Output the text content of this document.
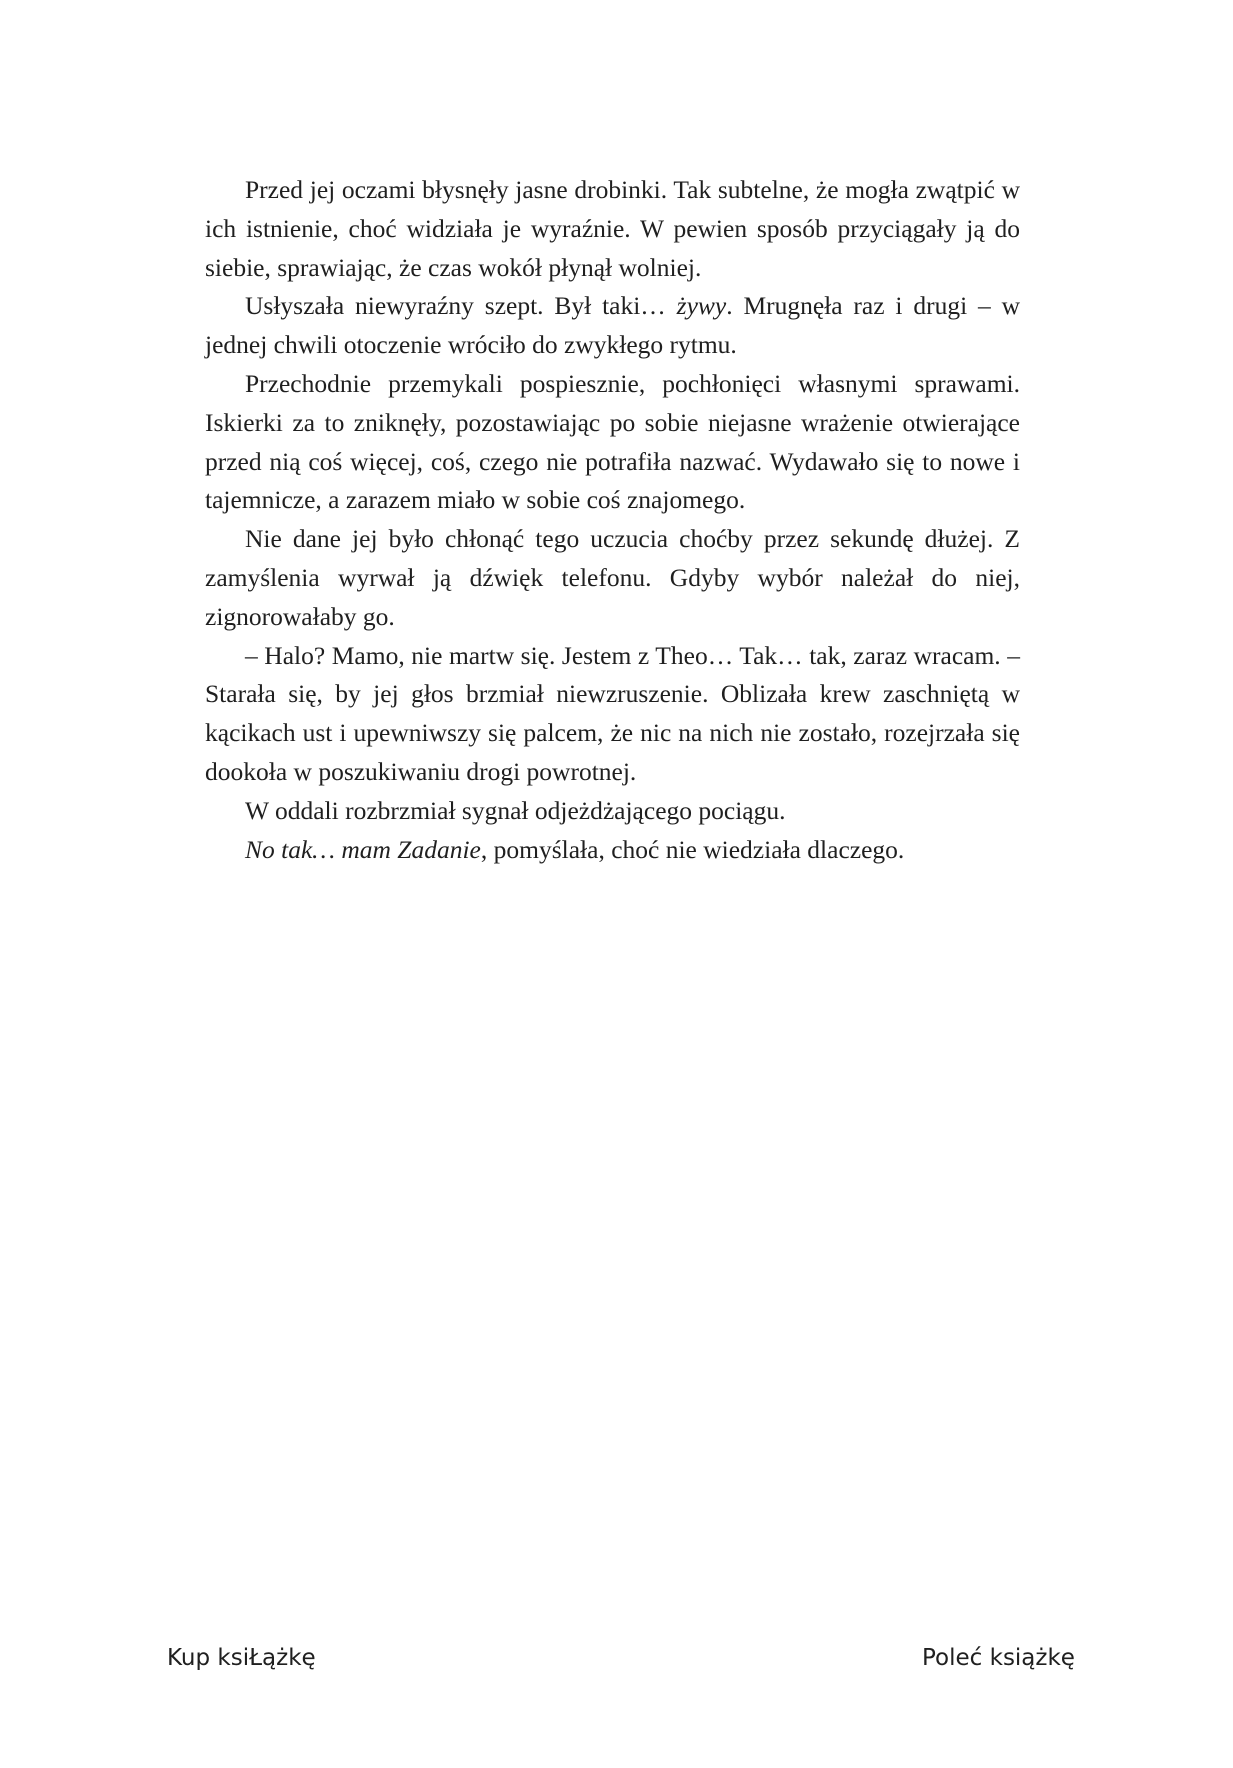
Przed jej oczami błysnęły jasne drobinki. Tak subtelne, że mogła zwątpić w ich istnienie, choć widziała je wyraźnie. W pewien sposób przyciągały ją do siebie, sprawiając, że czas wokół płynął wolniej.

Usłyszała niewyraźny szept. Był taki… żywy. Mrugnęła raz i drugi – w jednej chwili otoczenie wróciło do zwykłego rytmu.

Przechodnie przemykali pospiesznie, pochłonięci własnymi sprawami. Iskierki za to zniknęły, pozostawiając po sobie niejasne wrażenie otwierające przed nią coś więcej, coś, czego nie potrafiła nazwać. Wydawało się to nowe i tajemnicze, a zarazem miało w sobie coś znajomego.

Nie dane jej było chłonąć tego uczucia choćby przez sekundę dłużej. Z zamyślenia wyrwał ją dźwięk telefonu. Gdyby wybór należał do niej, zignorowałaby go.

– Halo? Mamo, nie martw się. Jestem z Theo… Tak… tak, zaraz wracam. – Starała się, by jej głos brzmiał niewzruszenie. Oblizała krew zaschniętą w kącikach ust i upewniwszy się palcem, że nic na nich nie zostało, rozejrzała się dookoła w poszukiwaniu drogi powrotnej.

W oddali rozbrzmiał sygnał odjeżdżającego pociągu.

No tak… mam Zadanie, pomyślała, choć nie wiedziała dlaczego.

Kup ksiŁążkę	Poleć książkę
